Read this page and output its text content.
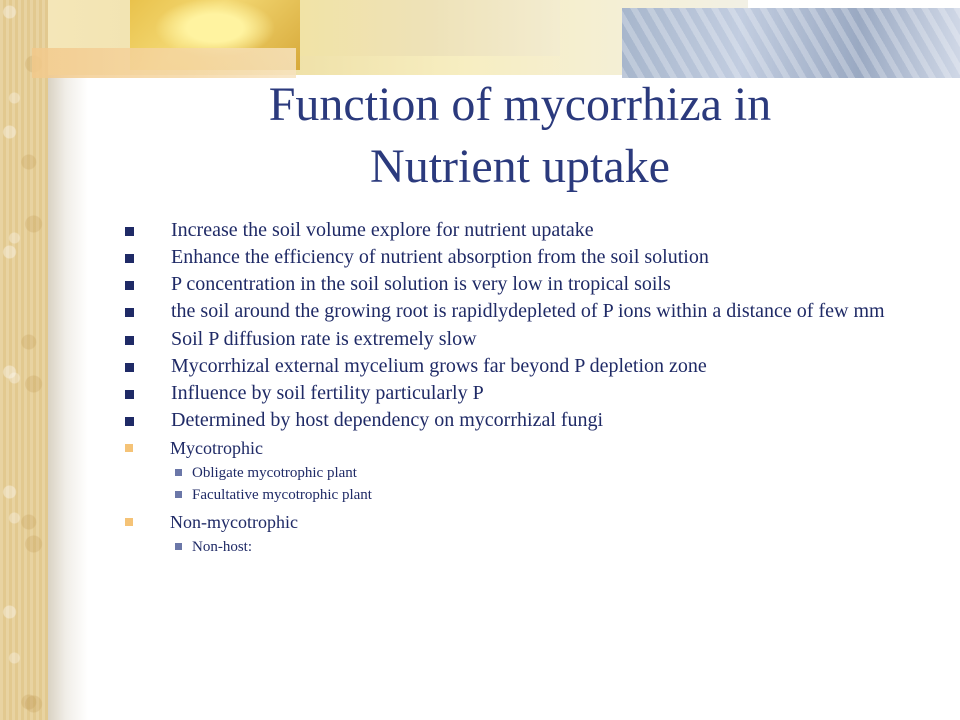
Function of mycorrhiza in
Nutrient uptake
Increase the soil volume explore for nutrient upatake
Enhance the efficiency of nutrient absorption from the soil solution
P concentration in the soil solution is very low in tropical soils
the soil around the growing root is rapidlydepleted of P ions within a distance of few mm
Soil P diffusion rate is extremely slow
Mycorrhizal external mycelium grows far beyond P depletion zone
Influence by soil fertility particularly P
Determined by host dependency on mycorrhizal fungi
Mycotrophic
Obligate mycotrophic plant
Facultative mycotrophic plant
Non-mycotrophic
Non-host:
